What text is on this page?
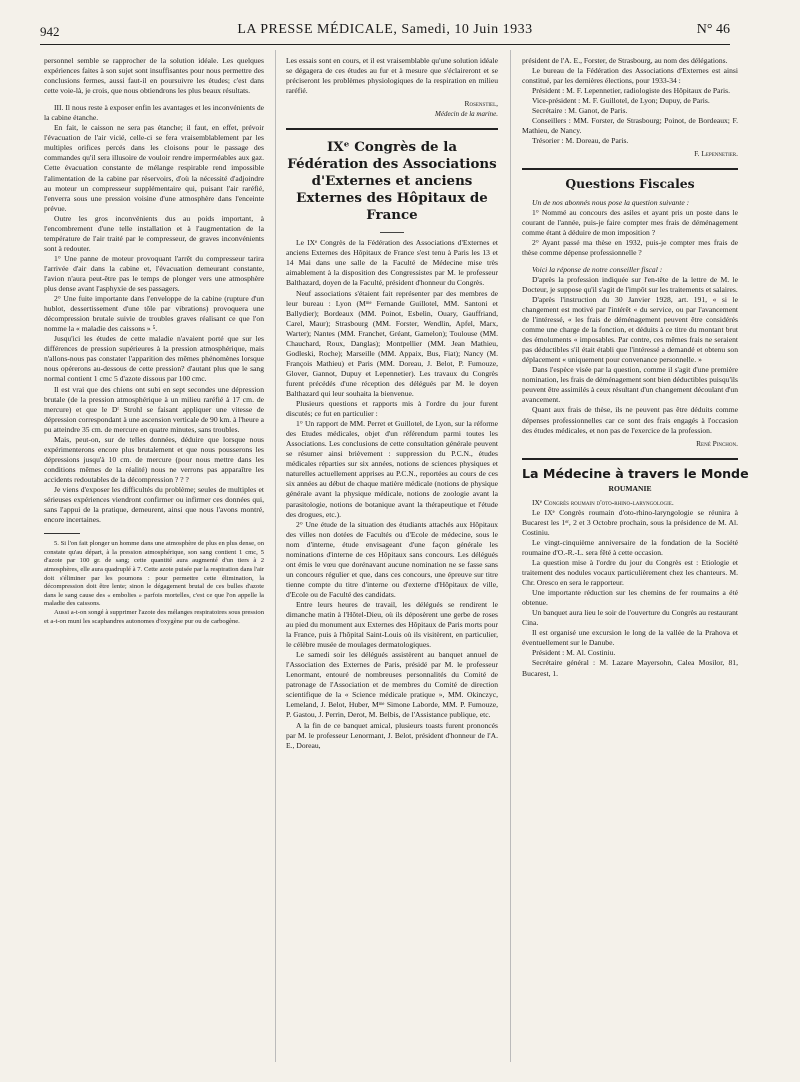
942	LA PRESSE MÉDICALE, Samedi, 10 Juin 1933	N° 46

personnel semble se rapprocher de la solution idéale. Les quelques expériences faites à son sujet sont insuffisantes pour nous permettre des conclusions fermes, aussi faut-il en poursuivre les études; c'est dans cette voie-là, je crois, que nous obtiendrons les plus beaux résultats.

III. Il nous reste à exposer enfin les avantages et les inconvénients de la cabine étanche.

En fait, le caisson ne sera pas étanche; il faut, en effet, prévoir l'évacuation de l'air vicié, celle-ci se fera vraisemblablement par les multiples orifices percés dans les cloisons pour le passage des commandes qu'il sera illusoire de vouloir rendre imperméables aux gaz. Cette évacuation constante de mélange respirable rend impossible l'alimentation de la cabine par réservoirs, d'où la nécessité d'adjoindre au moteur un compresseur supplémentaire qui, puisant l'air raréfié, l'enverra sous une pression voisine d'une atmosphère dans l'enceinte prévue.

Outre les gros inconvénients dus au poids important, à l'encombrement d'une telle installation et à l'augmentation de la température de l'air traité par le compresseur, de graves inconvénients sont à redouter.

1° Une panne de moteur provoquant l'arrêt du compresseur tarira l'arrivée d'air dans la cabine et, l'évacuation demeurant constante, l'avion n'aura peut-être pas le temps de plonger vers une atmosphère plus dense avant l'asphyxie de ses passagers.

2° Une fuite importante dans l'enveloppe de la cabine (rupture d'un hublot, dessertissement d'une tôle par vibrations) provoquera une décompression brutale suivie de troubles graves réalisant ce que l'on nomme la « maladie des caissons » ⁵.

Jusqu'ici les études de cette maladie n'avaient porté que sur les différences de pression supérieures à la pression atmosphérique, mais n'allons-nous pas constater l'apparition des mêmes phénomènes lorsque nous opérerons au-dessous de cette pression? d'autant plus que le sang normal contient 1 cmc 5 d'azote dissous par 100 cmc.

Il est vrai que des chiens ont subi en sept secondes une dépression brutale (de la pression atmosphérique à un milieu raréfié à 17 cm. de mercure) et que le Dʳ Strohl se faisant appliquer une vitesse de dépression correspondant à une ascension verticale de 90 km. à l'heure a pu atteindre 35 cm. de mercure en quatre minutes, sans troubles.

Mais, peut-on, sur de telles données, déduire que lorsque nous expérimenterons encore plus brutalement et que nous pousserons les dépressions jusqu'à 10 cm. de mercure (pour nous mettre dans les conditions mêmes de la réalité) nous ne verrons pas apparaître les accidents redoutables de la décompression ? ? ?

Je viens d'exposer les difficultés du problème; seules de multiples et sérieuses expériences viendront confirmer ou infirmer ces données qui, sans l'appui de la pratique, demeurent, ainsi que nous l'avons montré, encore incertaines.

5. Si l'on fait plonger un homme dans une atmosphère de plus en plus dense, on constate qu'au départ, à la pression atmosphérique, son sang contient 1 cmc, 5 d'azote par 100 gr. de sang; cette quantité aura augmenté d'un tiers à 2 atmosphères, elle aura quadruplé à 7. Cette azote puisée par la respiration dans l'air doit s'éliminer par les poumons : pour permettre cette élimination, la décompression doit être lente; sinon le dégagement brutal de ces bulles d'azote dans le sang cause des « embolies » parfois mortelles, c'est ce que l'on appelle la maladie des caissons.

Aussi a-t-on songé à supprimer l'azote des mélanges respiratoires sous pression et a-t-on muni les scaphandres autonomes d'oxygène pur ou de carbogène.

Les essais sont en cours, et il est vraisemblable qu'une solution idéale se dégagera de ces études au fur et à mesure que s'éclaireront et se préciseront les problèmes physiologiques de la respiration en milieu raréfié.

Rosenstiel,
Médecin de la marine.
IXᵉ Congrès de la Fédération des Associations d'Externes et anciens Externes des Hôpitaux de France

Le IXᵉ Congrès de la Fédération des Associations d'Externes et anciens Externes des Hôpitaux de France s'est tenu à Paris les 13 et 14 Mai dans une salle de la Faculté de Médecine mise très aimablement à la disposition des Congressistes par M. le professeur Balthazard, doyen de la Faculté, président d'honneur du Congrès.

Neuf associations s'étaient fait représenter par des membres de leur bureau : Lyon (Mᵐᵉ Fernande Guillotel, MM. Santoni et Ballydier); Bordeaux (MM. Poinot, Esbelin, Ouary, Gauffriand, Carel, Maur); Strasbourg (MM. Forster, Wendlin, Apfel, Marx, Warter); Nantes (MM. Franchet, Gréant, Gamelon); Toulouse (MM. Chauchard, Roux, Danglas); Montpellier (MM. Jean Mathieu, Godleski, Roche); Marseille (MM. Appaix, Bus, Fiat); Nancy (M. François Mathieu) et Paris (MM. Doreau, J. Belot, P. Fumouze, Glover, Gannot, Dupuy et Lepennetier). Les travaux du Congrès furent précédés d'une réception des délégués par M. le doyen Balthazard qui leur souhaita la bienvenue.

Plusieurs questions et rapports mis à l'ordre du jour furent discutés; ce fut en particulier :

1° Un rapport de MM. Perret et Guillotel, de Lyon, sur la réforme des Etudes médicales, objet d'un référendum parmi toutes les Associations. Les conclusions de cette consultation générale peuvent se résumer ainsi brièvement : suppression du P.C.N., études médicales réparties sur six années, notions de sciences physiques et naturelles actuellement apprises au P.C.N., reportées au cours de ces six années au début de chaque matière médicale (notions de physique générale avant la physique médicale, notions de zoologie avant la parasitologie, notions de botanique avant la thérapeutique et l'étude des drogues, etc.).

2° Une étude de la situation des étudiants attachés aux Hôpitaux des villes non dotées de Facultés ou d'Ecole de médecine, sous le nom d'interne, étude envisageant d'une façon générale les nominations d'interne de ces Hôpitaux sans concours. Les délégués ont émis le vœu que dorénavant aucune nomination ne se fasse sans un concours régulier et que, dans ces concours, une épreuve sur titre tienne compte du titre d'interne ou d'externe d'Hôpitaux de ville, d'Ecole ou de Faculté des candidats.

Entre leurs heures de travail, les délégués se rendirent le dimanche matin à l'Hôtel-Dieu, où ils déposèrent une gerbe de roses au pied du monument aux Externes des Hôpitaux de Paris morts pour la France, puis à l'hôpital Saint-Louis où ils visitèrent, en particulier, le célèbre musée de moulages dermatologiques.

Le samedi soir les délégués assistèrent au banquet annuel de l'Association des Externes de Paris, présidé par M. le professeur Lenormant, entouré de nombreuses personnalités du Comité de patronage de l'Association et de membres du Comité de direction scientifique de la « Science médicale pratique », MM. Okinczyc, Lemeland, J. Belot, Huber, Mᵐᵉ Simone Laborde, MM. P. Fumouze, P. Gastou, J. Perrin, Derot, M. Belbis, de l'Assistance publique, etc.

A la fin de ce banquet amical, plusieurs toasts furent prononcés par M. le professeur Lenormant, J. Belot, président d'honneur de l'A. E., Doreau,

président de l'A. E., Forster, de Strasbourg, au nom des délégations.

Le bureau de la Fédération des Associations d'Externes est ainsi constitué, par les dernières élections, pour 1933-34 :

Président : M. F. Lepennetier, radiologiste des Hôpitaux de Paris.

Vice-président : M. F. Guillotel, de Lyon; Dupuy, de Paris.

Secrétaire : M. Ganot, de Paris.

Conseillers : MM. Forster, de Strasbourg; Poinot, de Bordeaux; F. Mathieu, de Nancy.

Trésorier : M. Doreau, de Paris.

F. Lepennetier.
Questions Fiscales

Un de nos abonnés nous pose la question suivante :

1° Nommé au concours des asiles et ayant pris un poste dans le courant de l'année, puis-je faire compter mes frais de déménagement comme étant à déduire de mon imposition ?

2° Ayant passé ma thèse en 1932, puis-je compter mes frais de thèse comme dépense professionnelle ?

Voici la réponse de notre conseiller fiscal :

D'après la profession indiquée sur l'en-tête de la lettre de M. le Docteur, je suppose qu'il s'agit de l'impôt sur les traitements et salaires.

D'après l'instruction du 30 Janvier 1928, art. 191, « si le changement est motivé par l'intérêt « du service, ou par l'avancement de l'intéressé, « les frais de déménagement peuvent être considérés comme une charge de la fonction, et déduits à ce titre du montant brut des émoluments « imposables. Par contre, ces mêmes frais ne seraient pas déductibles s'il était établi que l'intéressé a demandé et obtenu son déplacement « uniquement pour convenance personnelle. »

Dans l'espèce visée par la question, comme il s'agit d'une première nomination, les frais de déménagement sont bien déductibles puisqu'ils peuvent être assimilés à ceux résultant d'un changement découlant d'un avancement.

Quant aux frais de thèse, ils ne peuvent pas être déduits comme dépenses professionnelles car ce sont des frais engagés à l'occasion des études médicales, et non pas de l'exercice de la profession.

René Pinchon.
La Médecine à travers le Monde
ROUMANIE

IXᵉ Congrès roumain d'oto-rhino-laryngologie.

Le IXᵉ Congrès roumain d'oto-rhino-laryngologie se réunira à Bucarest les 1ᵉʳ, 2 et 3 Octobre prochain, sous la présidence de M. Al. Costiniu.

Le vingt-cinquième anniversaire de la fondation de la Société roumaine d'O.-R.-L. sera fêté à cette occasion.

La question mise à l'ordre du jour du Congrès est : Etiologie et traitement des nodules vocaux particulièrement chez les chanteurs. M. Chr. Oresco en sera le rapporteur.

Une importante réduction sur les chemins de fer roumains a été obtenue.

Un banquet aura lieu le soir de l'ouverture du Congrès au restaurant Cina.

Il est organisé une excursion le long de la vallée de la Prahova et éventuellement sur le Danube.

Président : M. Al. Costiniu.

Secrétaire général : M. Lazare Mayersohn, Calea Mosilor, 81, Bucarest, 1.
